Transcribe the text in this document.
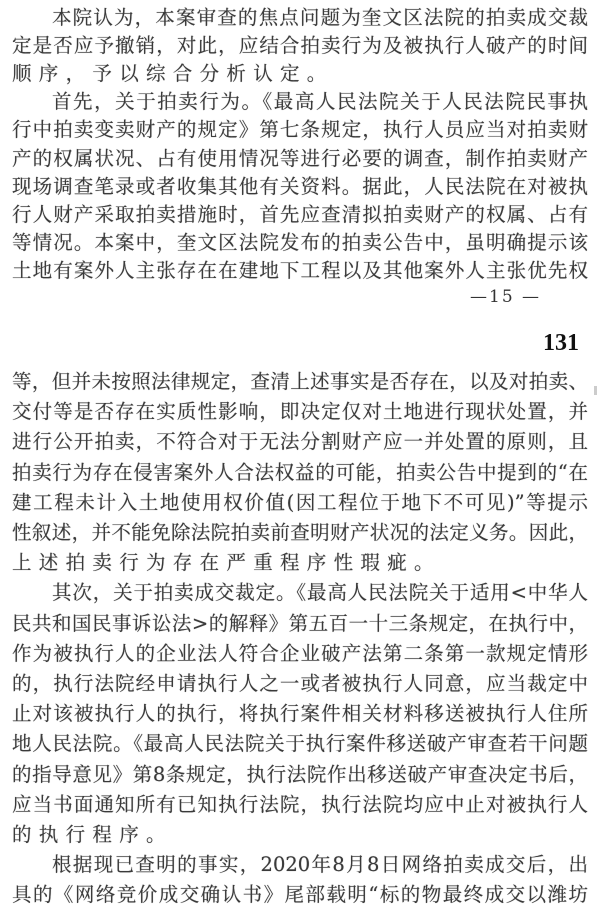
本院认为，本案审查的焦点问题为奎文区法院的拍卖成交裁
定是否应予撤销，对此，应结合拍卖行为及被执行人破产的时间
顺序，予以综合分析认定。
首先，关于拍卖行为。《最高人民法院关于人民法院民事执
行中拍卖变卖财产的规定》第七条规定，执行人员应当对拍卖财
产的权属状况、占有使用情况等进行必要的调查，制作拍卖财产
现场调查笔录或者收集其他有关资料。据此，人民法院在对被执
行人财产采取拍卖措施时，首先应查清拟拍卖财产的权属、占有
等情况。本案中，奎文区法院发布的拍卖公告中，虽明确提示该
土地有案外人主张存在在建地下工程以及其他案外人主张优先权
—15 —
131
等，但并未按照法律规定，查清上述事实是否存在，以及对拍卖、
交付等是否存在实质性影响，即决定仅对土地进行现状处置，并
进行公开拍卖，不符合对于无法分割财产应一并处置的原则，且
拍卖行为存在侵害案外人合法权益的可能，拍卖公告中提到的“在
建工程未计入土地使用权价值(因工程位于地下不可见)”等提示
性叙述，并不能免除法院拍卖前查明财产状况的法定义务。因此，
上述拍卖行为存在严重程序性瑕疵。
其次，关于拍卖成交裁定。《最高人民法院关于适用<中华人
民共和国民事诉讼法>的解释》第五百一十三条规定，在执行中，
作为被执行人的企业法人符合企业破产法第二条第一款规定情形
的，执行法院经申请执行人之一或者被执行人同意，应当裁定中
止对该被执行人的执行，将执行案件相关材料移送被执行人住所
地人民法院。《最高人民法院关于执行案件移送破产审查若干问题
的指导意见》第8条规定，执行法院作出移送破产审查决定书后，
应当书面通知所有已知执行法院，执行法院均应中止对被执行人
的执行程序。
根据现已查明的事实，2020年8月8日网络拍卖成交后，出
具的《网络竞价成交确认书》尾部载明“标的物最终成交以潍坊
